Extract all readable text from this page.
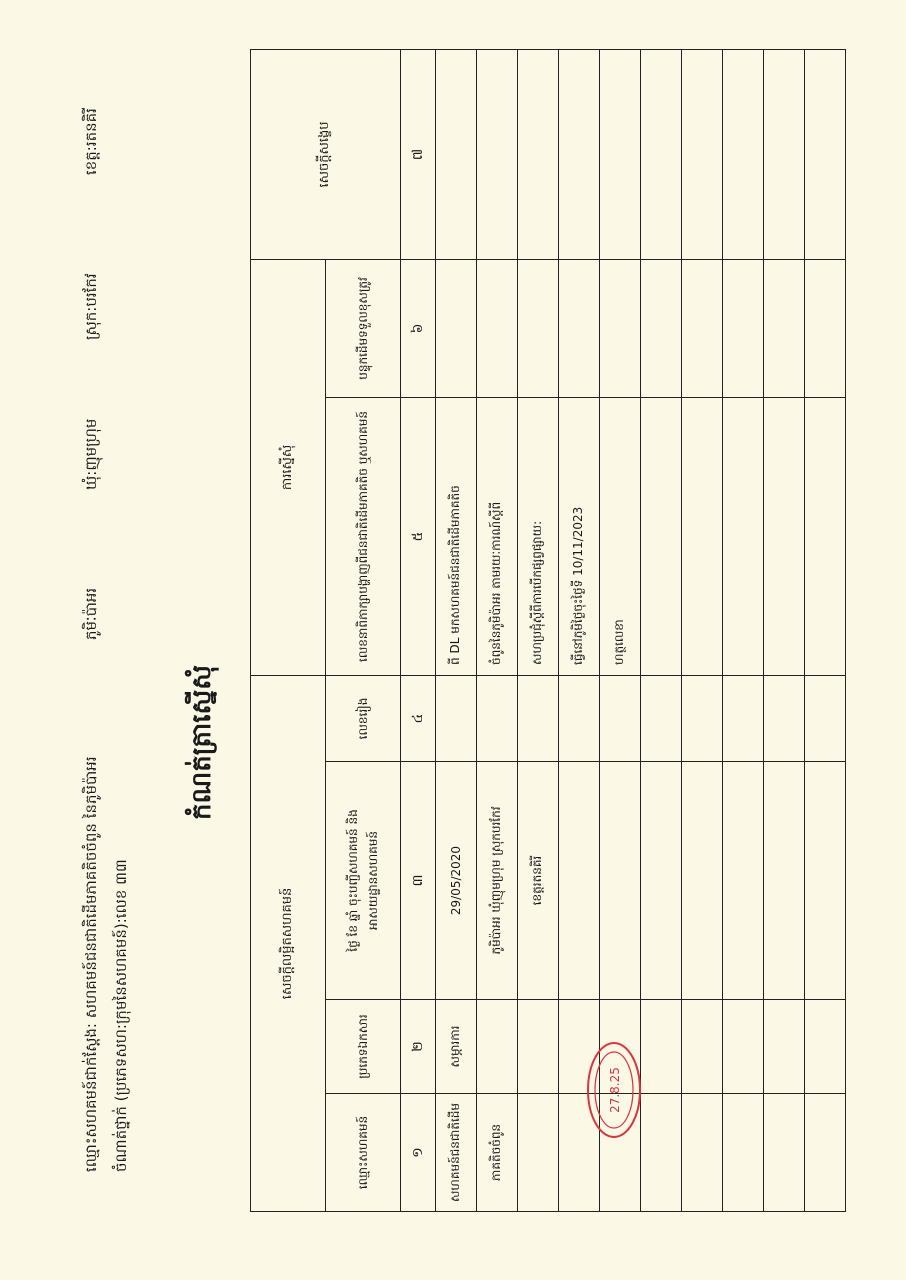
ឈ្មោះសហគមន៍ជាក់ស្ដែង: សហគមន៍ជនជាតិដើមភាគតិចចំពូន នៃភូមិប៉ាអរ
ភូមិៈប៉ាអរ
ឃុំ:ញុមហ្រុម
ស្រុក:បរកែវ
ខេត្ត:រតនគិរី
ចំណាត់ថ្នាក់ (ប្រភេទសហ:ក្រុមនៃសហគមន៍):លេខ ៣៣
កំណត់ត្រាស្នើសុំ
សេចក្ដីលម្អិតសហគមន៍				ការស្នើសុំ		សេចក្ដីសង្ខេប
ឈ្មោះសហគមន៍	ប្រភេទឯកសារ	ថ្ងៃ ខែ ឆ្នាំ ចុះបញ្ជីសហគមន៍ និងអាសយដ្ឋានសហគមន៍	លេខរៀង	លេខនាពិភាក្សាបង្ហាញពីជនជាតិដើមភាគតិច ឬសហគមន៍	បន្ទុកដើមទទួលខុសត្រូវ	
១	២	៣	៤	៥	៦	៧
សហគមន៍ជនជាតិដើម	សម្ភារការ	29/05/2020		ពី DL មកសហគមន៍ជនជាតិដើមភាគតិច		
ភាគតិចចំពូន		ភូមិប៉ាអរ ឃុំញុមហ្រុម ស្រុកបរកែវ		ចំពូននៃភូមិប៉ាអរ តាមរយៈការណ៍ស្ដីពី		
		ខេត្តរតនគិរី		សហប្រជុំស្ដីពីការបើកផ្សព្វផ្សាយ:		
				ធ្វើនៅភូមិថ្ងៃចុះថ្ងៃទី 10/11/2023		
				ហត្ថលេខា		

27.8.25
